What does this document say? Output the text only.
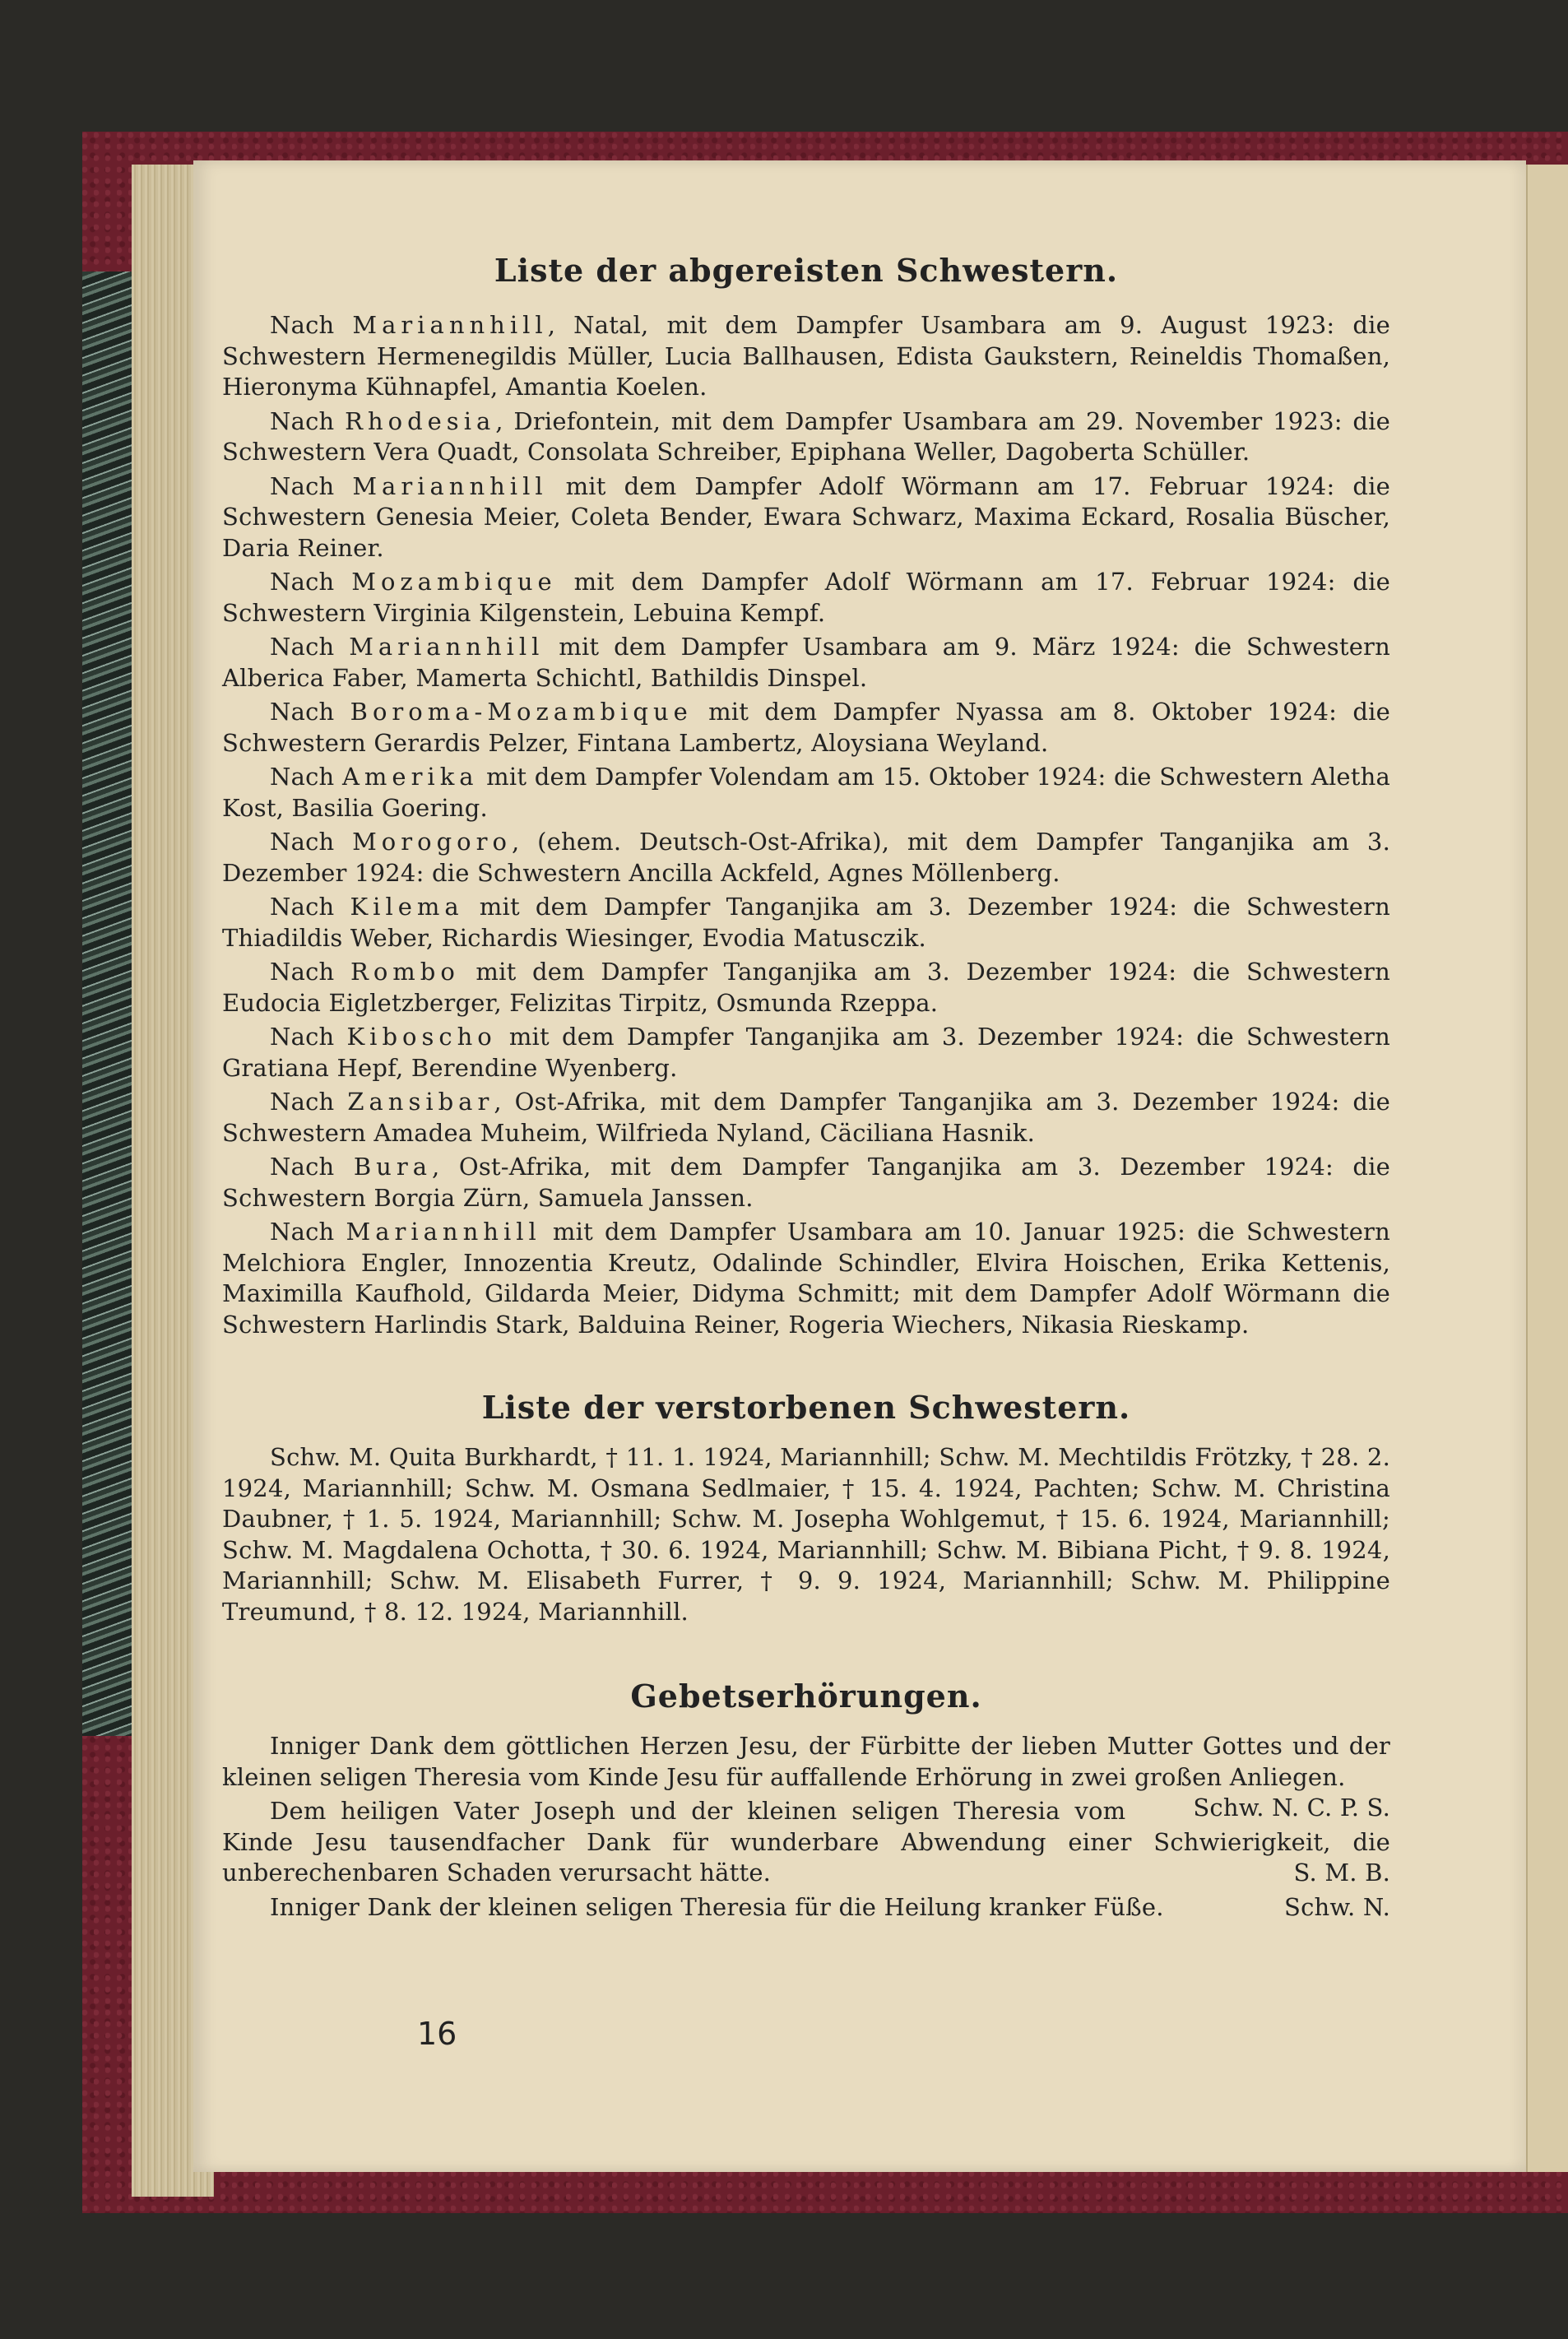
Liste der abgereisten Schwestern.

Nach Mariannhill, Natal, mit dem Dampfer Usambara am 9. August 1923: die Schwestern Hermenegildis Müller, Lucia Ballhausen, Edista Gaukstern, Reineldis Thomaßen, Hieronyma Kühnapfel, Amantia Koelen.

Nach Rhodesia, Driefontein, mit dem Dampfer Usambara am 29. November 1923: die Schwestern Vera Quadt, Consolata Schreiber, Epiphana Weller, Dagoberta Schüller.

Nach Mariannhill mit dem Dampfer Adolf Wörmann am 17. Februar 1924: die Schwestern Genesia Meier, Coleta Bender, Ewara Schwarz, Maxima Eckard, Rosalia Büscher, Daria Reiner.

Nach Mozambique mit dem Dampfer Adolf Wörmann am 17. Februar 1924: die Schwestern Virginia Kilgenstein, Lebuina Kempf.

Nach Mariannhill mit dem Dampfer Usambara am 9. März 1924: die Schwestern Alberica Faber, Mamerta Schichtl, Bathildis Dinspel.

Nach Boroma-Mozambique mit dem Dampfer Nyassa am 8. Oktober 1924: die Schwestern Gerardis Pelzer, Fintana Lambertz, Aloysiana Weyland.

Nach Amerika mit dem Dampfer Volendam am 15. Oktober 1924: die Schwestern Aletha Kost, Basilia Goering.

Nach Morogoro, (ehem. Deutsch-Ost-Afrika), mit dem Dampfer Tanganjika am 3. Dezember 1924: die Schwestern Ancilla Ackfeld, Agnes Möllenberg.

Nach Kilema mit dem Dampfer Tanganjika am 3. Dezember 1924: die Schwestern Thiadildis Weber, Richardis Wiesinger, Evodia Matusczik.

Nach Rombo mit dem Dampfer Tanganjika am 3. Dezember 1924: die Schwestern Eudocia Eigletzberger, Felizitas Tirpitz, Osmunda Rzeppa.

Nach Kiboscho mit dem Dampfer Tanganjika am 3. Dezember 1924: die Schwestern Gratiana Hepf, Berendine Wyenberg.

Nach Zansibar, Ost-Afrika, mit dem Dampfer Tanganjika am 3. Dezember 1924: die Schwestern Amadea Muheim, Wilfrieda Nyland, Cäciliana Hasnik.

Nach Bura, Ost-Afrika, mit dem Dampfer Tanganjika am 3. Dezember 1924: die Schwestern Borgia Zürn, Samuela Janssen.

Nach Mariannhill mit dem Dampfer Usambara am 10. Januar 1925: die Schwestern Melchiora Engler, Innozentia Kreutz, Odalinde Schindler, Elvira Hoischen, Erika Kettenis, Maximilla Kaufhold, Gildarda Meier, Didyma Schmitt; mit dem Dampfer Adolf Wörmann die Schwestern Harlindis Stark, Balduina Reiner, Rogeria Wiechers, Nikasia Rieskamp.

Liste der verstorbenen Schwestern.

Schw. M. Quita Burkhardt, † 11. 1. 1924, Mariannhill; Schw. M. Mechtildis Frötzky, † 28. 2. 1924, Mariannhill; Schw. M. Osmana Sedlmaier, † 15. 4. 1924, Pachten; Schw. M. Christina Daubner, † 1. 5. 1924, Mariannhill; Schw. M. Josepha Wohlgemut, † 15. 6. 1924, Mariannhill; Schw. M. Magdalena Ochotta, † 30. 6. 1924, Mariannhill; Schw. M. Bibiana Picht, † 9. 8. 1924, Mariannhill; Schw. M. Elisabeth Furrer, † 9. 9. 1924, Mariannhill; Schw. M. Philippine Treumund, † 8. 12. 1924, Mariannhill.

Gebetserhörungen.

Inniger Dank dem göttlichen Herzen Jesu, der Fürbitte der lieben Mutter Gottes und der kleinen seligen Theresia vom Kinde Jesu für auffallende Erhörung in zwei großen Anliegen.
Schw. N. C. P. S.

Dem heiligen Vater Joseph und der kleinen seligen Theresia vom Kinde Jesu tausendfacher Dank für wunderbare Abwendung einer Schwierigkeit, die unberechenbaren Schaden verursacht hätte.	S. M. B.

Inniger Dank der kleinen seligen Theresia für die Heilung kranker Füße.	Schw. N.

16
